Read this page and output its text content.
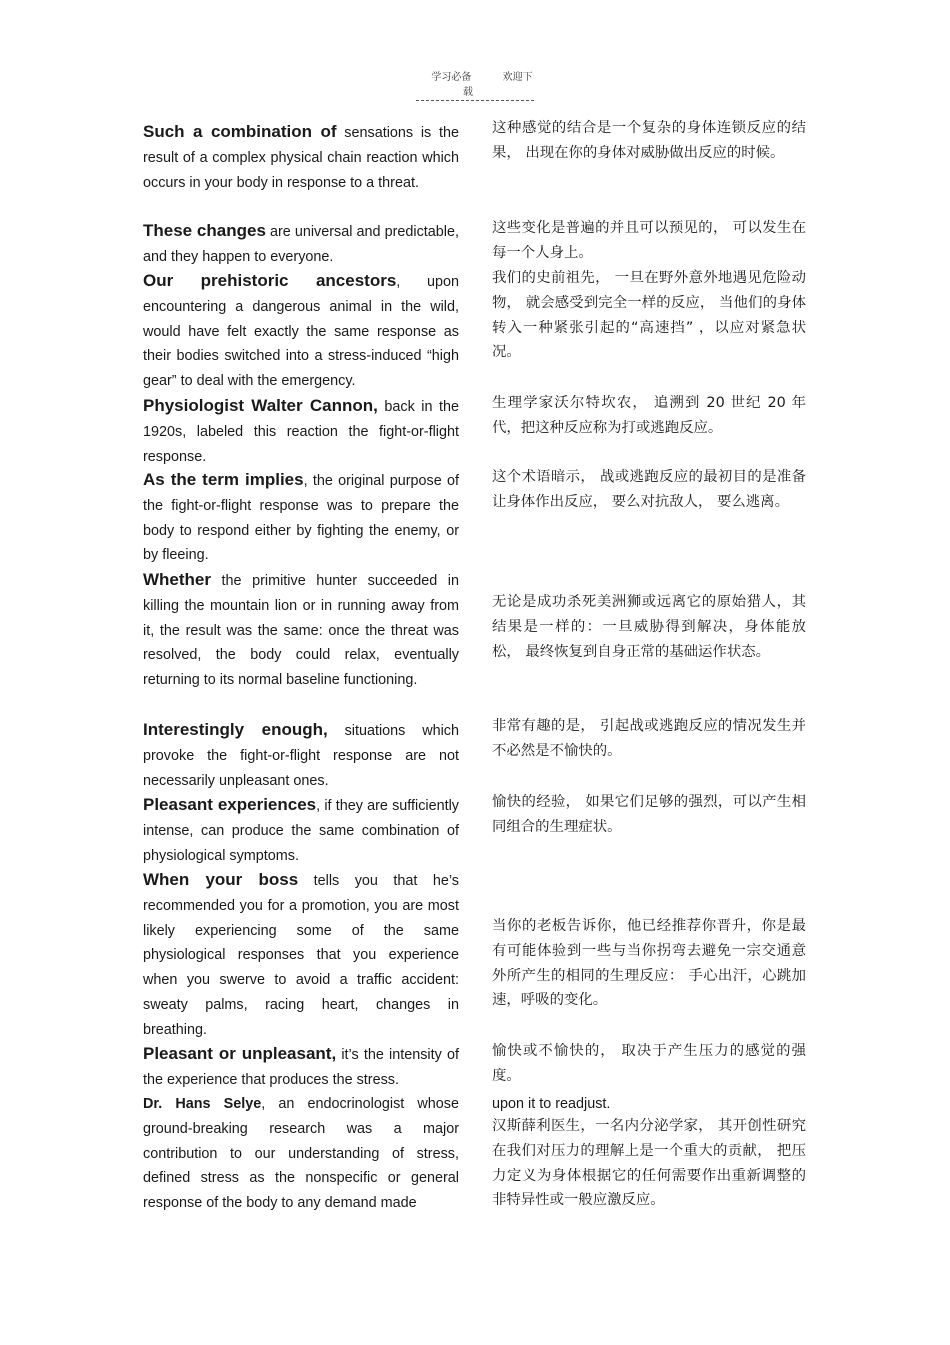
学习必备	欢迎下载

Such a combination of sensations is the result of a complex physical chain reaction which occurs in your body in response to a threat.

These changes are universal and predictable, and they happen to everyone.

Our prehistoric ancestors, upon encountering a dangerous animal in the wild, would have felt exactly the same response as their bodies switched into a stress-induced “high gear” to deal with the emergency.

Physiologist Walter Cannon, back in the 1920s, labeled this reaction the fight-or-flight response.

As the term implies, the original purpose of the fight-or-flight response was to prepare the body to respond either by fighting the enemy, or by fleeing.

Whether the primitive hunter succeeded in killing the mountain lion or in running away from it, the result was the same: once the threat was resolved, the body could relax, eventually returning to its normal baseline functioning.

Interestingly enough, situations which provoke the fight-or-flight response are not necessarily unpleasant ones.

Pleasant experiences, if they are sufficiently intense, can produce the same combination of physiological symptoms.

When your boss tells you that he’s recommended you for a promotion, you are most likely experiencing some of the same physiological responses that you experience when you swerve to avoid a traffic accident: sweaty palms, racing heart, changes in breathing.

Pleasant or unpleasant, it’s the intensity of the experience that produces the stress.

Dr. Hans Selye, an endocrinologist whose ground-breaking research was a major contribution to our understanding of stress, defined stress as the nonspecific or general response of the body to any demand made

这种感觉的结合是一个复杂的身体连锁反应的结果， 出现在你的身体对威胁做出反应的时候。
这些变化是普遍的并且可以预见的， 可以发生在每一个人身上。
我们的史前祖先， 一旦在野外意外地遇见危险动物， 就会感受到完全一样的反应， 当他们的身体转入一种紧张引起的“高速挡” ，以应对紧急状况。
生理学家沃尔特坎农， 追溯到 20 世纪 20 年代，把这种反应称为打或逃跑反应。
这个术语暗示， 战或逃跑反应的最初目的是准备让身体作出反应， 要么对抗敌人， 要么逃离。
无论是成功杀死美洲狮或远离它的原始猎人，其结果是一样的：一旦威胁得到解决，身体能放松， 最终恢复到自身正常的基础运作状态。
非常有趣的是， 引起战或逃跑反应的情况发生并不必然是不愉快的。
愉快的经验， 如果它们足够的强烈，可以产生相同组合的生理症状。
当你的老板告诉你，他已经推荐你晋升，你是最有可能体验到一些与当你拐弯去避免一宗交通意外所产生的相同的生理反应： 手心出汗，心跳加速，呼吸的变化。
愉快或不愉快的， 取决于产生压力的感觉的强度。
upon it to readjust.
汉斯薛利医生，一名内分泌学家， 其开创性研究在我们对压力的理解上是一个重大的贡献， 把压力定义为身体根据它的任何需要作出重新调整的非特异性或一般应激反应。
